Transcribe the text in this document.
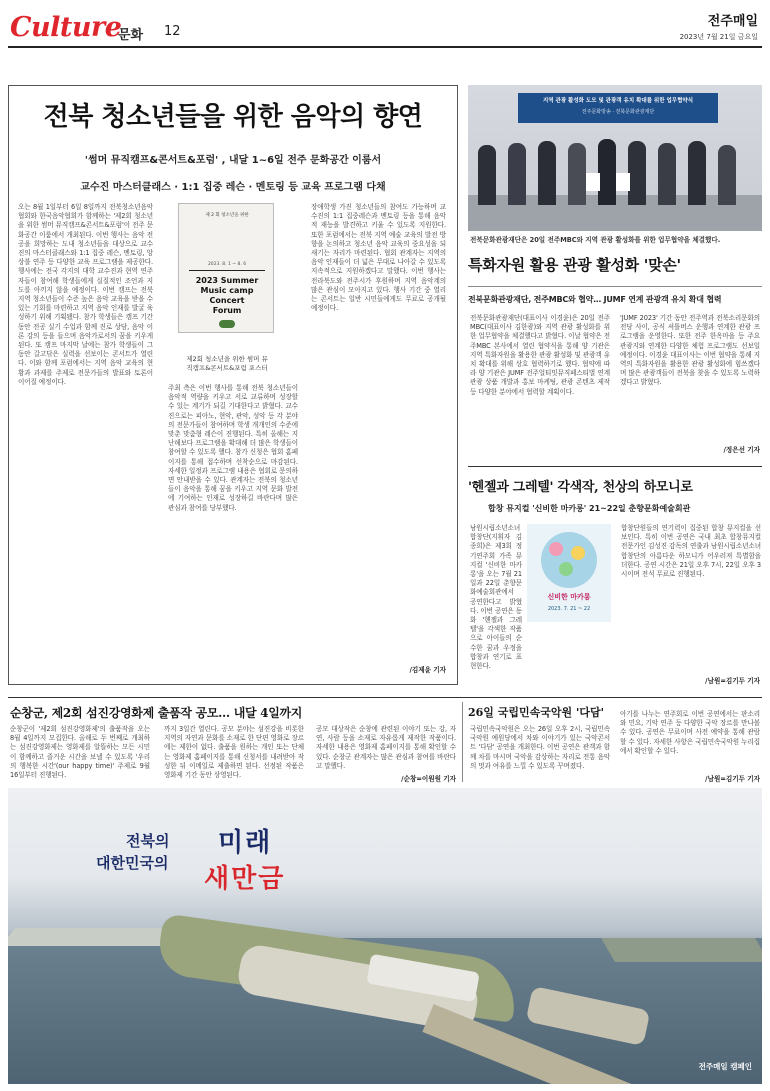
Culture
문화 12
전주매일
2023년 7월 21일 금요일
전북 청소년들을 위한 음악의 향연
'썸머 뮤직캠프&콘서트&포럼' , 내달 1~6일 전주 문화공간 이룸서
교수진 마스터클래스 · 1:1 집중 레슨 · 멘토링 등 교육 프로그램 다채
오는 8월 1일부터 6일 8일까지 전북청소년음악협회와 한국음악협회가 함께하는 '제2회 청소년을 위한 썸머 뮤직캠프&콘서트&포럼'이 전주 문화공간 이룸에서 개최된다. 이번 행사는 음악 전공을 희망하는 도내 청소년들을 대상으로 교수진의 마스터클래스와 1:1 집중 레슨, 멘토링, 앙상블 연주 등 다양한 교육 프로그램을 제공한다. 행사에는 전국 각지의 대학 교수진과 현역 연주자들이 참여해 학생들에게 실질적인 조언과 지도를 아끼지 않을 예정이다. 이번 캠프는 전북 지역 청소년들이 수준 높은 음악 교육을 받을 수 있는 기회를 마련하고 지역 음악 인재를 발굴 육성하기 위해 기획됐다. 참가 학생들은 캠프 기간 동안 전공 실기 수업과 함께 진로 상담, 음악 이론 강의 등을 들으며 음악가로서의 꿈을 키우게 된다. 또 캠프 마지막 날에는 참가 학생들이 그동안 갈고닦은 실력을 선보이는 콘서트가 열린다. 이와 함께 포럼에서는 지역 음악 교육의 현황과 과제를 주제로 전문가들의 발표와 토론이 이어질 예정이다.
제 2 회 청소년을 위한
2023. 8. 1 ~ 8. 6
2023 Summer
Music camp
Concert
Forum
제2회 청소년을 위한 썸머 뮤직캠프&콘서트&포럼 포스터
주최 측은 이번 행사를 통해 전북 청소년들이 음악적 역량을 키우고 서로 교류하며 성장할 수 있는 계기가 되길 기대한다고 밝혔다. 교수진으로는 피아노, 현악, 관악, 성악 등 각 분야의 전문가들이 참여하며 학생 개개인의 수준에 맞춘 맞춤형 레슨이 진행된다. 특히 올해는 지난해보다 프로그램을 확대해 더 많은 학생들이 참여할 수 있도록 했다. 참가 신청은 협회 홈페이지를 통해 접수하며 선착순으로 마감된다. 자세한 일정과 프로그램 내용은 협회로 문의하면 안내받을 수 있다. 관계자는 전북의 청소년들이 음악을 통해 꿈을 키우고 지역 문화 발전에 기여하는 인재로 성장하길 바란다며 많은 관심과 참여를 당부했다.
장애학생 가진 청소년들의 참여도 가능하며 교수진의 1:1 집중레슨과 멘토링 등을 통해 음악적 재능을 발견하고 키울 수 있도록 지원한다. 또한 포럼에서는 전북 지역 예술 교육의 발전 방향을 논의하고 청소년 음악 교육의 중요성을 되새기는 자리가 마련된다. 협회 관계자는 지역의 음악 인재들이 더 넓은 무대로 나아갈 수 있도록 지속적으로 지원하겠다고 말했다. 이번 행사는 전라북도와 전주시가 후원하며 지역 음악계의 많은 관심이 모아지고 있다. 행사 기간 중 열리는 콘서트는 일반 시민들에게도 무료로 공개될 예정이다.
/김제윤 기자
지역 관광 활성화 도모 및 관광객 유치 확대를 위한 업무협약식
전주문화방송 · 전북문화관광재단
전북문화관광재단은 20일 전주MBC와 지역 관광 활성화를 위한 업무협약을 체결했다.
특화자원 활용 관광 활성화 '맞손'
전북문화관광재단, 전주MBC와 협약… JUMF 연계 관광객 유치 확대 협력
전북문화관광재단(대표이사 이경윤)은 20일 전주MBC(대표이사 김한광)와 지역 관광 활성화를 위한 업무협약을 체결했다고 밝혔다. 이날 협약은 전주MBC 본사에서 열린 협약식을 통해 양 기관은 지역 특화자원을 활용한 관광 활성화 및 관광객 유치 확대를 위해 상호 협력하기로 했다. 협약에 따라 양 기관은 JUMF 전주얼티밋뮤직페스티벌 연계 관광 상품 개발과 홍보 마케팅, 관광 콘텐츠 제작 등 다양한 분야에서 협력할 계획이다.
'JUMF 2023' 기간 동안 전주역과 전북소리문화의전당 사이, 공식 셔틀버스 운행과 연계한 관광 프로그램을 운영한다. 또한 전주 한옥마을 등 주요 관광지와 연계한 다양한 체험 프로그램도 선보일 예정이다. 이경윤 대표이사는 이번 협약을 통해 지역의 특화자원을 활용한 관광 활성화에 힘쓰겠다며 많은 관광객들이 전북을 찾을 수 있도록 노력하겠다고 밝혔다.
/정은선 기자
'헨젤과 그레텔' 각색작, 천상의 하모니로
합창 뮤지컬 '신비한 마카롱' 21~22일 춘향문화예술회관
남원시립소년소녀합창단(지휘자 김종희)은 제3회 정기연주회 가족 뮤지컬 '신비한 마카롱'을 오는 7월 21일과 22일 춘향문화예술회관에서 공연한다고 밝혔다. 이번 공연은 동화 '헨젤과 그레텔'을 각색한 작품으로 아이들의 순수한 꿈과 우정을 합창과 연기로 표현한다.
신비한 마카롱
2023. 7. 21 ~ 22
합창단원들의 연기력이 집중된 합창 뮤지컬을 선보인다. 특히 이번 공연은 국내 최초 합창뮤지컬 전문가인 김성진 감독의 연출과 남원시립소년소녀합창단의 아름다운 하모니가 어우러져 특별함을 더한다. 공연 시간은 21일 오후 7시, 22일 오후 3시이며 전석 무료로 진행된다.
/남원=김기두 기자
순창군, 제2회 섬진강영화제 출품작 공모… 내달 4일까지
순창군이 '제2회 섬진강영화제'의 출품작을 오는 8월 4일까지 모집한다. 올해로 두 번째로 개최하는 섬진강영화제는 영화제를 알뜰하는 모든 시민이 함께하고 즐거운 시간을 보낼 수 있도록 '우리의 행복한 시간'(our happy time)' 주제로 9월 16일부터 진행된다.
까지 3일간 열린다. 공모 분야는 섬진강을 비롯한 지역의 자연과 문화를 소재로 한 단편 영화로 장르에는 제한이 없다. 출품을 원하는 개인 또는 단체는 영화제 홈페이지를 통해 신청서를 내려받아 작성한 뒤 이메일로 제출하면 된다. 선정된 작품은 영화제 기간 동안 상영된다.
공모 대상작은 순창에 관련된 이야기 또는 강, 자연, 사람 등을 소재로 자유롭게 제작한 작품이다. 자세한 내용은 영화제 홈페이지를 통해 확인할 수 있다. 순창군 관계자는 많은 관심과 참여를 바란다고 말했다.
/순창=이원원 기자
26일 국립민속국악원 '다담'
국립민속국악원은 오는 26일 오후 2시, 국립민속국악원 예원당에서 차와 이야기가 있는 국악콘서트 '다담' 공연을 개최한다. 이번 공연은 관객과 함께 차를 마시며 국악을 감상하는 자리로 전통 음악의 멋과 여유를 느낄 수 있도록 꾸며졌다.
아기를 나누는 연주회로 이번 공연에서는 판소리와 민요, 기악 연주 등 다양한 국악 장르를 만나볼 수 있다. 공연은 무료이며 사전 예약을 통해 관람할 수 있다. 자세한 사항은 국립민속국악원 누리집에서 확인할 수 있다.
/남원=김기두 기자
전북의
대한민국의
미래
새만금
전주매일 캠페인
